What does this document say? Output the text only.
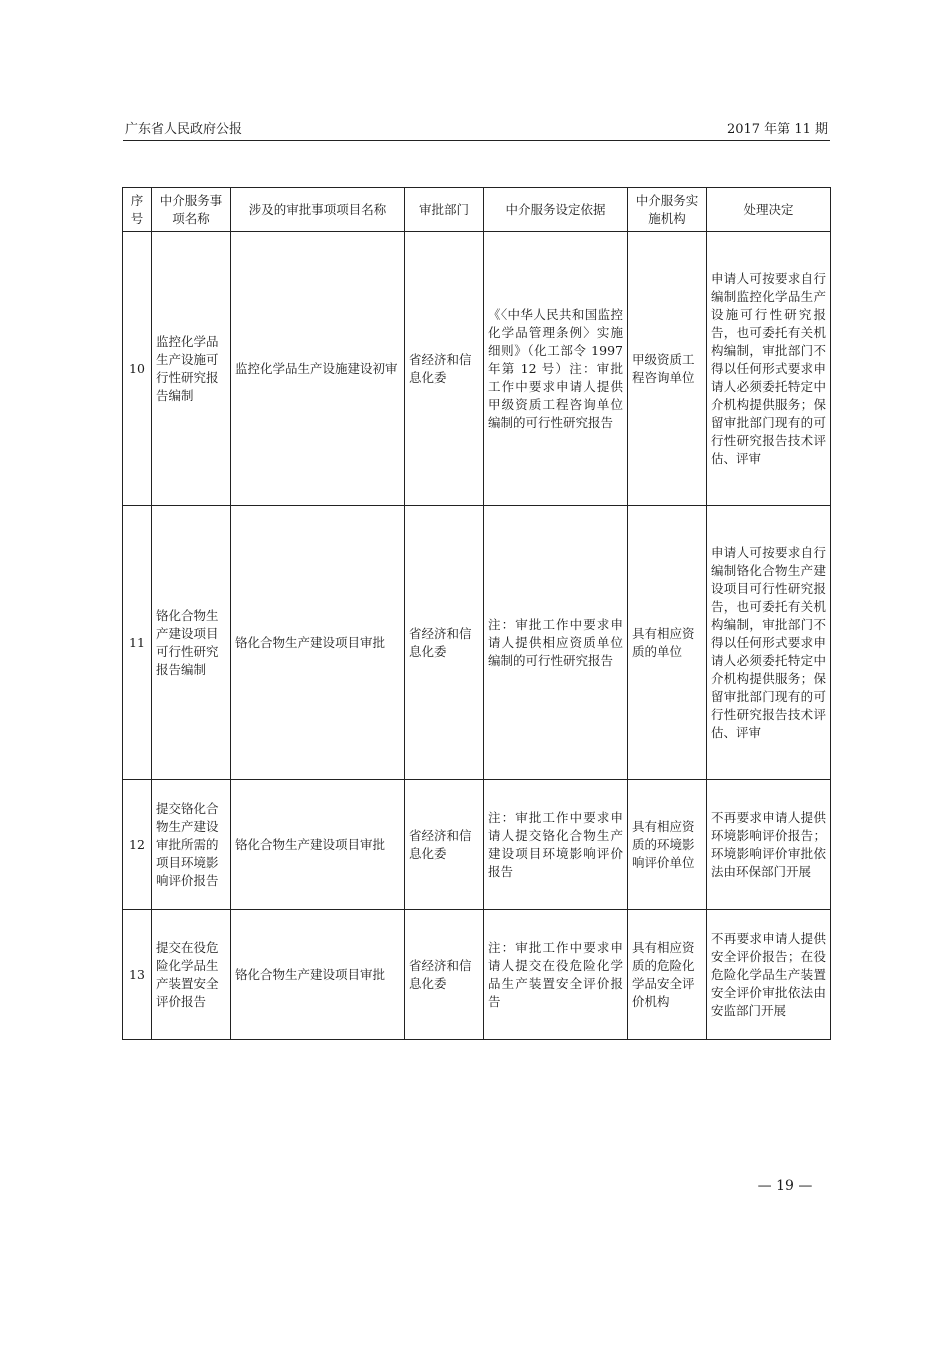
广东省人民政府公报	2017 年第 11 期
序号	中介服务事项名称	涉及的审批事项项目名称	审批部门	中介服务设定依据	中介服务实施机构	处理决定
10	监控化学品生产设施可行性研究报告编制	监控化学品生产设施建设初审	省经济和信息化委	《〈中华人民共和国监控化学品管理条例〉实施细则》（化工部令 1997 年第 12 号）注：审批工作中要求申请人提供甲级资质工程咨询单位编制的可行性研究报告	甲级资质工程咨询单位	申请人可按要求自行编制监控化学品生产设施可行性研究报告，也可委托有关机构编制，审批部门不得以任何形式要求申请人必须委托特定中介机构提供服务；保留审批部门现有的可行性研究报告技术评估、评审
11	铬化合物生产建设项目可行性研究报告编制	铬化合物生产建设项目审批	省经济和信息化委	注：审批工作中要求申请人提供相应资质单位编制的可行性研究报告	具有相应资质的单位	申请人可按要求自行编制铬化合物生产建设项目可行性研究报告，也可委托有关机构编制，审批部门不得以任何形式要求申请人必须委托特定中介机构提供服务；保留审批部门现有的可行性研究报告技术评估、评审
12	提交铬化合物生产建设审批所需的项目环境影响评价报告	铬化合物生产建设项目审批	省经济和信息化委	注：审批工作中要求申请人提交铬化合物生产建设项目环境影响评价报告	具有相应资质的环境影响评价单位	不再要求申请人提供环境影响评价报告；环境影响评价审批依法由环保部门开展
13	提交在役危险化学品生产装置安全评价报告	铬化合物生产建设项目审批	省经济和信息化委	注：审批工作中要求申请人提交在役危险化学品生产装置安全评价报告	具有相应资质的危险化学品安全评价机构	不再要求申请人提供安全评价报告；在役危险化学品生产装置安全评价审批依法由安监部门开展
— 19 —
